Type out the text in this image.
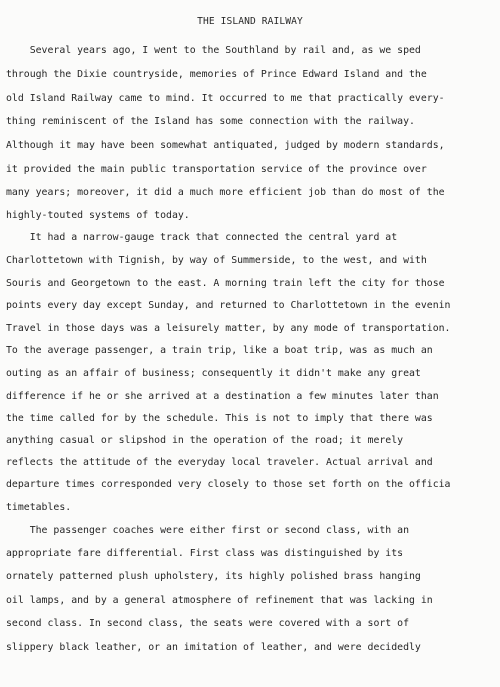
THE ISLAND RAILWAY
Several years ago, I went to the Southland by rail and, as we sped
through the Dixie countryside, memories of Prince Edward Island and the
old Island Railway came to mind. It occurred to me that practically every-
thing reminiscent of the Island has some connection with the railway.
Although it may have been somewhat antiquated, judged by modern standards,
it provided the main public transportation service of the province over
many years; moreover, it did a much more efficient job than do most of the
highly-touted systems of today.
It had a narrow-gauge track that connected the central yard at
Charlottetown with Tignish, by way of Summerside, to the west, and with
Souris and Georgetown to the east. A morning train left the city for those
points every day except Sunday, and returned to Charlottetown in the evenin
Travel in those days was a leisurely matter, by any mode of transportation.
To the average passenger, a train trip, like a boat trip, was as much an
outing as an affair of business; consequently it didn't make any great
difference if he or she arrived at a destination a few minutes later than
the time called for by the schedule. This is not to imply that there was
anything casual or slipshod in the operation of the road; it merely
reflects the attitude of the everyday local traveler. Actual arrival and
departure times corresponded very closely to those set forth on the officia
timetables.
The passenger coaches were either first or second class, with an
appropriate fare differential. First class was distinguished by its
ornately patterned plush upholstery, its highly polished brass hanging
oil lamps, and by a general atmosphere of refinement that was lacking in
second class. In second class, the seats were covered with a sort of
slippery black leather, or an imitation of leather, and were decidedly
